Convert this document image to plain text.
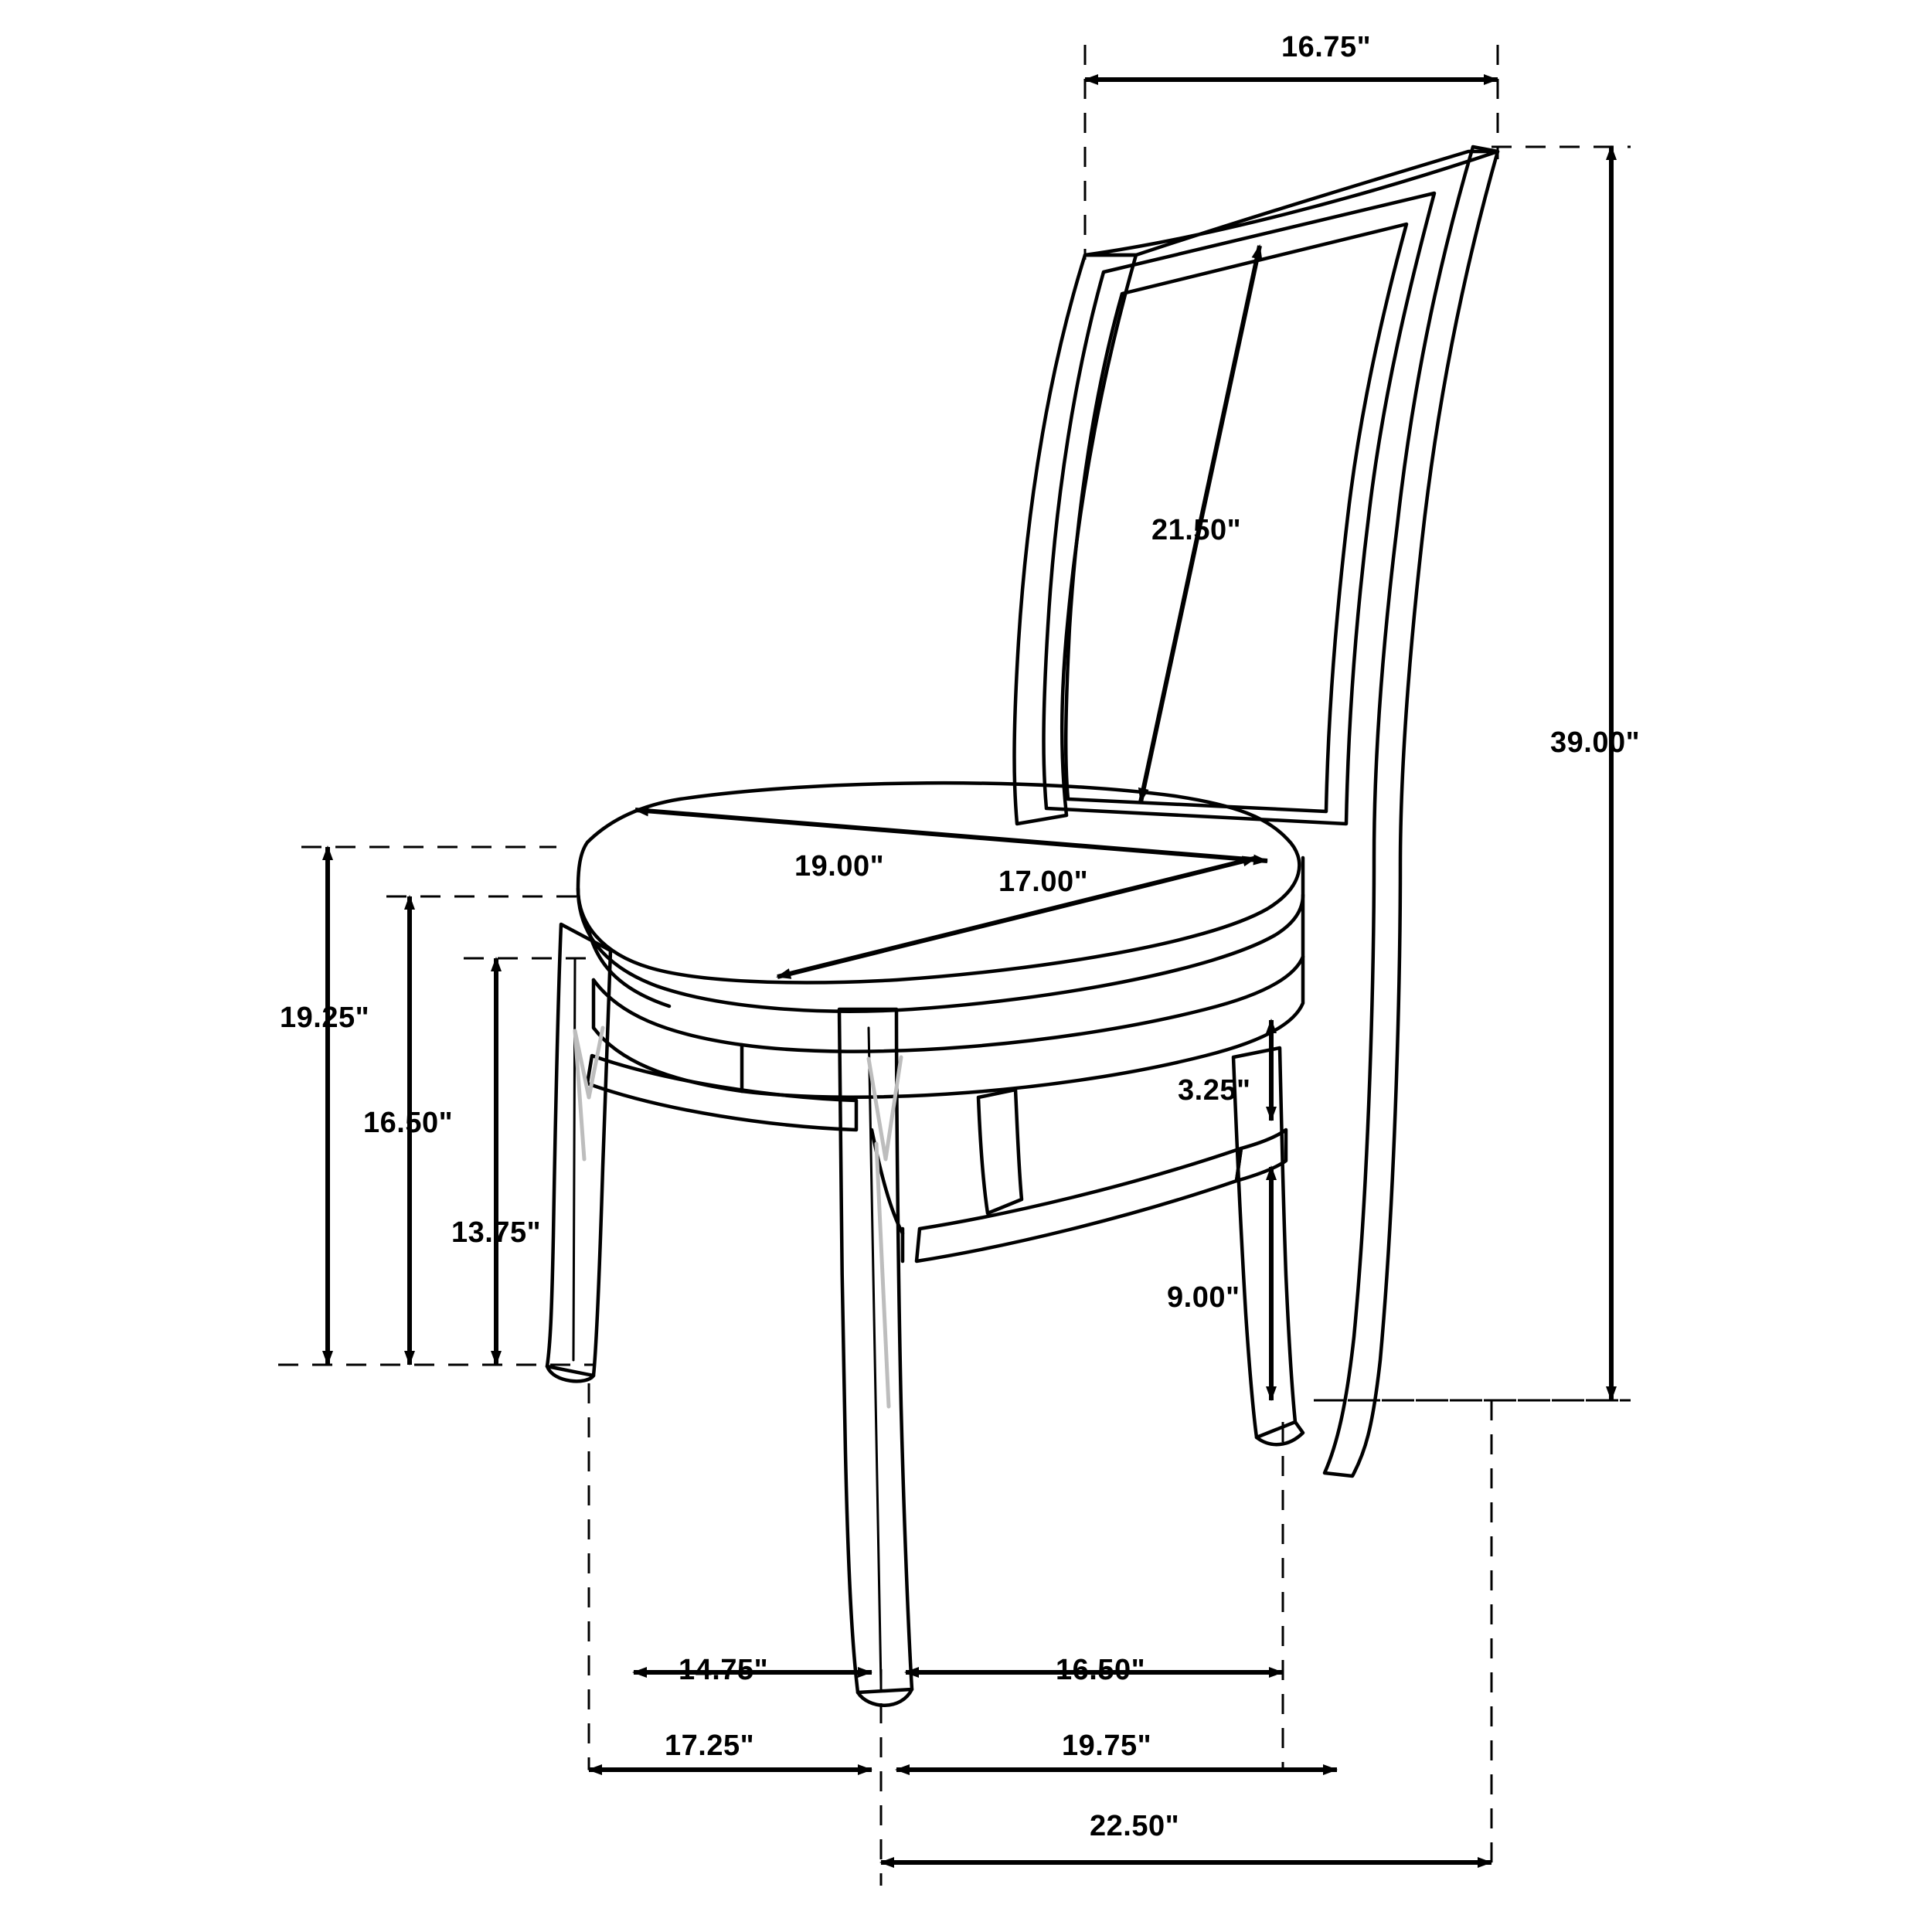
16.75"
39.00"
21.50"
19.00"	17.00"
19.25"
16.50"
13.75"
3.25"
9.00"
14.75"	16.50"
17.25"	19.75"
22.50"
